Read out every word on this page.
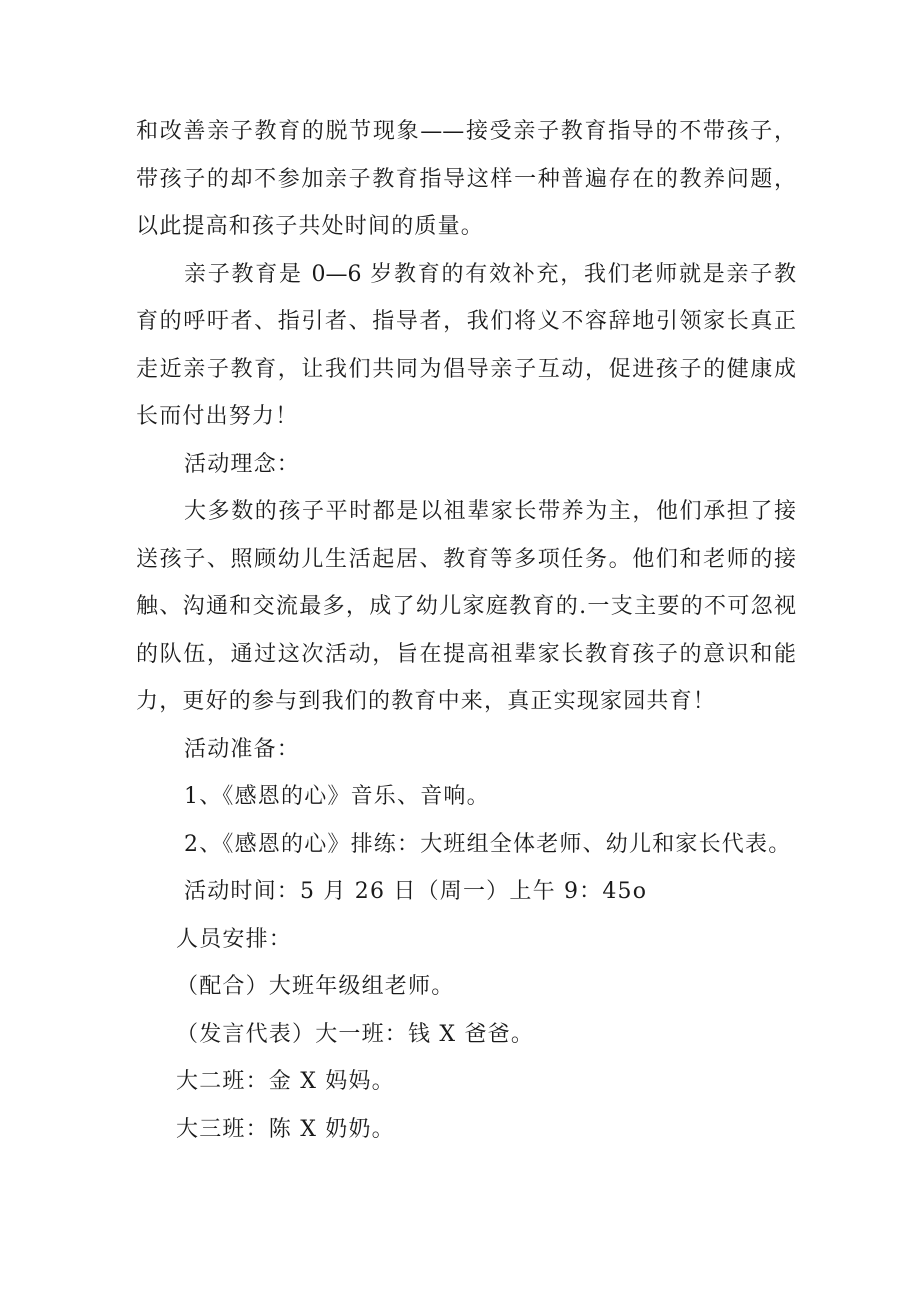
和改善亲子教育的脱节现象——接受亲子教育指导的不带孩子，
带孩子的却不参加亲子教育指导这样一种普遍存在的教养问题，
以此提高和孩子共处时间的质量。
亲子教育是 0—6 岁教育的有效补充，我们老师就是亲子教
育的呼吁者、指引者、指导者，我们将义不容辞地引领家长真正
走近亲子教育，让我们共同为倡导亲子互动，促进孩子的健康成
长而付出努力！
活动理念：
大多数的孩子平时都是以祖辈家长带养为主，他们承担了接
送孩子、照顾幼儿生活起居、教育等多项任务。他们和老师的接
触、沟通和交流最多，成了幼儿家庭教育的.一支主要的不可忽视
的队伍，通过这次活动，旨在提高祖辈家长教育孩子的意识和能
力，更好的参与到我们的教育中来，真正实现家园共育！
活动准备：
1、《感恩的心》音乐、音响。
2、《感恩的心》排练：大班组全体老师、幼儿和家长代表。
活动时间：5 月 26 日（周一）上午 9：45o
人员安排：
（配合）大班年级组老师。
（发言代表）大一班：钱 X 爸爸。
大二班：金 X 妈妈。
大三班：陈 X 奶奶。
